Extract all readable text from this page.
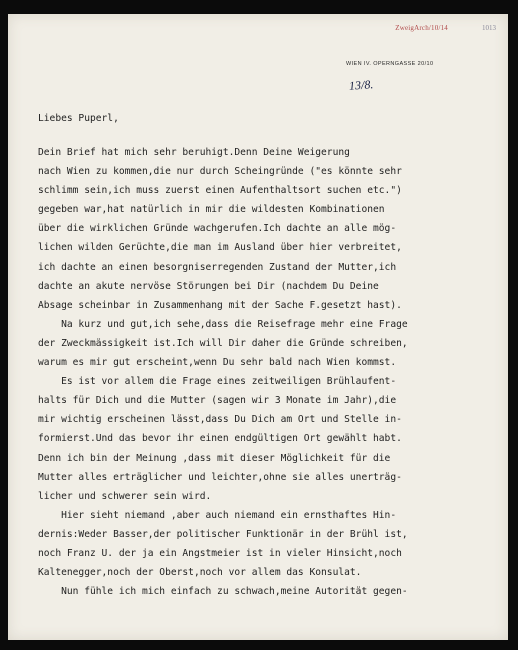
ZweigArch/10/14	1013
WIEN IV. OPERNGASSE 20/10
13/8.
Liebes Puperl,
Dein Brief hat mich sehr beruhigt.Denn Deine Weigerung
nach Wien zu kommen,die nur durch Scheingründe ("es könnte sehr
schlimm sein,ich muss zuerst einen Aufenthaltsort suchen etc.")
gegeben war,hat natürlich in mir die wildesten Kombinationen
über die wirklichen Gründe wachgerufen.Ich dachte an alle mög-
lichen wilden Gerüchte,die man im Ausland über hier verbreitet,
ich dachte an einen besorgniserregenden Zustand der Mutter,ich
dachte an akute nervöse Störungen bei Dir (nachdem Du Deine
Absage scheinbar in Zusammenhang mit der Sache F.gesetzt hast).
Na kurz und gut,ich sehe,dass die Reisefrage mehr eine Frage
der Zweckmässigkeit ist.Ich will Dir daher die Gründe schreiben,
warum es mir gut erscheint,wenn Du sehr bald nach Wien kommst.
Es ist vor allem die Frage eines zeitweiligen Brühlaufent-
halts für Dich und die Mutter (sagen wir 3 Monate im Jahr),die
mir wichtig erscheinen lässt,dass Du Dich am Ort und Stelle in-
formierst.Und das bevor ihr einen endgültigen Ort gewählt habt.
Denn ich bin der Meinung ,dass mit dieser Möglichkeit für die
Mutter alles erträglicher und leichter,ohne sie alles unerträg-
licher und schwerer sein wird.
Hier sieht niemand ,aber auch niemand ein ernsthaftes Hin-
dernis:Weder Basser,der politischer Funktionär in der Brühl ist,
noch Franz U. der ja ein Angstmeier ist in vieler Hinsicht,noch
Kaltenegger,noch der Oberst,noch vor allem das Konsulat.
Nun fühle ich mich einfach zu schwach,meine Autorität gegen-
